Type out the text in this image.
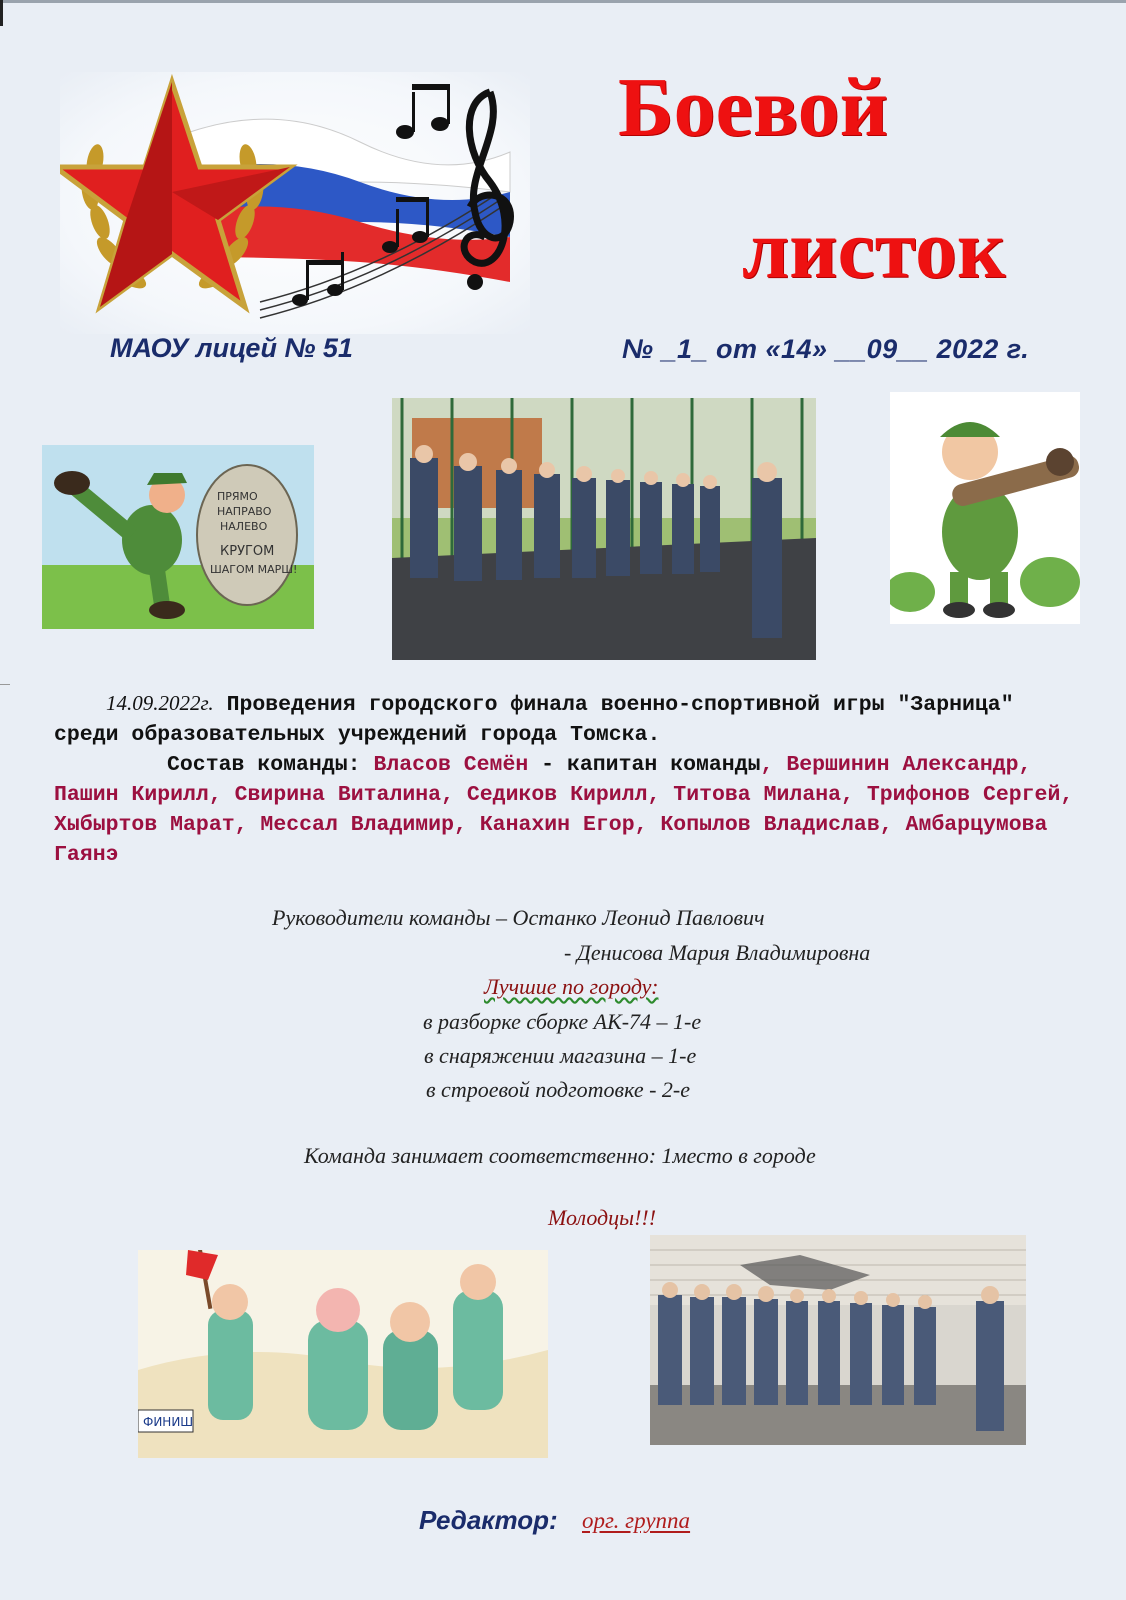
Боевой
листок
МАОУ лицей № 51	№ _1_ от «14» __09__ 2022 г.
ПРЯМО
НАПРАВО
НАЛЕВО
КРУГОМ
ШАГОМ МАРШ!
14.09.2022г. Проведения городского финала военно-спортивной игры "Зарница" среди образовательных учреждений города Томска.
Состав команды: Власов Семён - капитан команды, Вершинин Александр, Пашин Кирилл, Свирина Виталина, Седиков Кирилл, Титова Милана, Трифонов Сергей, Хыбыртов Марат, Мессал Владимир, Канахин Егор, Копылов Владислав, Амбарцумова Гаянэ
Руководители команды – Останко Леонид Павлович
- Денисова Мария Владимировна
Лучшие по городу:
в разборке сборке АК-74 – 1-е
в снаряжении магазина – 1-е
в строевой подготовке - 2-е
Команда занимает соответственно: 1место в городе
Молодцы!!!
ФИНИШ
Редактор: орг. группа
